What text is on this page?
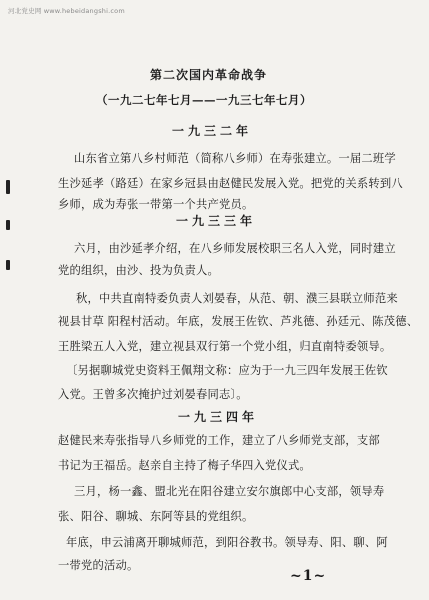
河北党史网 www.hebeidangshi.com
第二次国内革命战争
（一九二七年七月——一九三七年七月）
一九三二年
山东省立第八乡村师范（简称八乡师）在寿张建立。一届二班学
生沙延孝（路廷）在家乡冠县由赵健民发展入党。把党的关系转到八
乡师，成为寿张一带第一个共产党员。
一九三三年
六月，由沙延孝介绍，在八乡师发展校职三名人入党，同时建立
党的组织，由沙、投为负责人。
秋，中共直南特委负责人刘晏春，从范、朝、濮三县联立师范来
视县甘草 阳程村活动。年底，发展王佐钦、芦兆德、孙廷元、陈茂德、
王胜梁五人入党，建立视县双行第一个党小组，归直南特委领导。
〔另据聊城党史资料王佩翔文称：应为于一九三四年发展王佐钦
入党。王曾多次掩护过刘晏春同志〕。
一九三四年
赵健民来寿张指导八乡师党的工作，建立了八乡师党支部，支部
书记为王福岳。赵亲自主持了梅子华四入党仪式。
三月，杨一鑫、盟北光在阳谷建立安尔旗郎中心支部，领导寿
张、阳谷、聊城、东阿等县的党组织。
年底，申云浦离开聊城师范，到阳谷教书。领导寿、阳、聊、阿
一带党的活动。
~1~
